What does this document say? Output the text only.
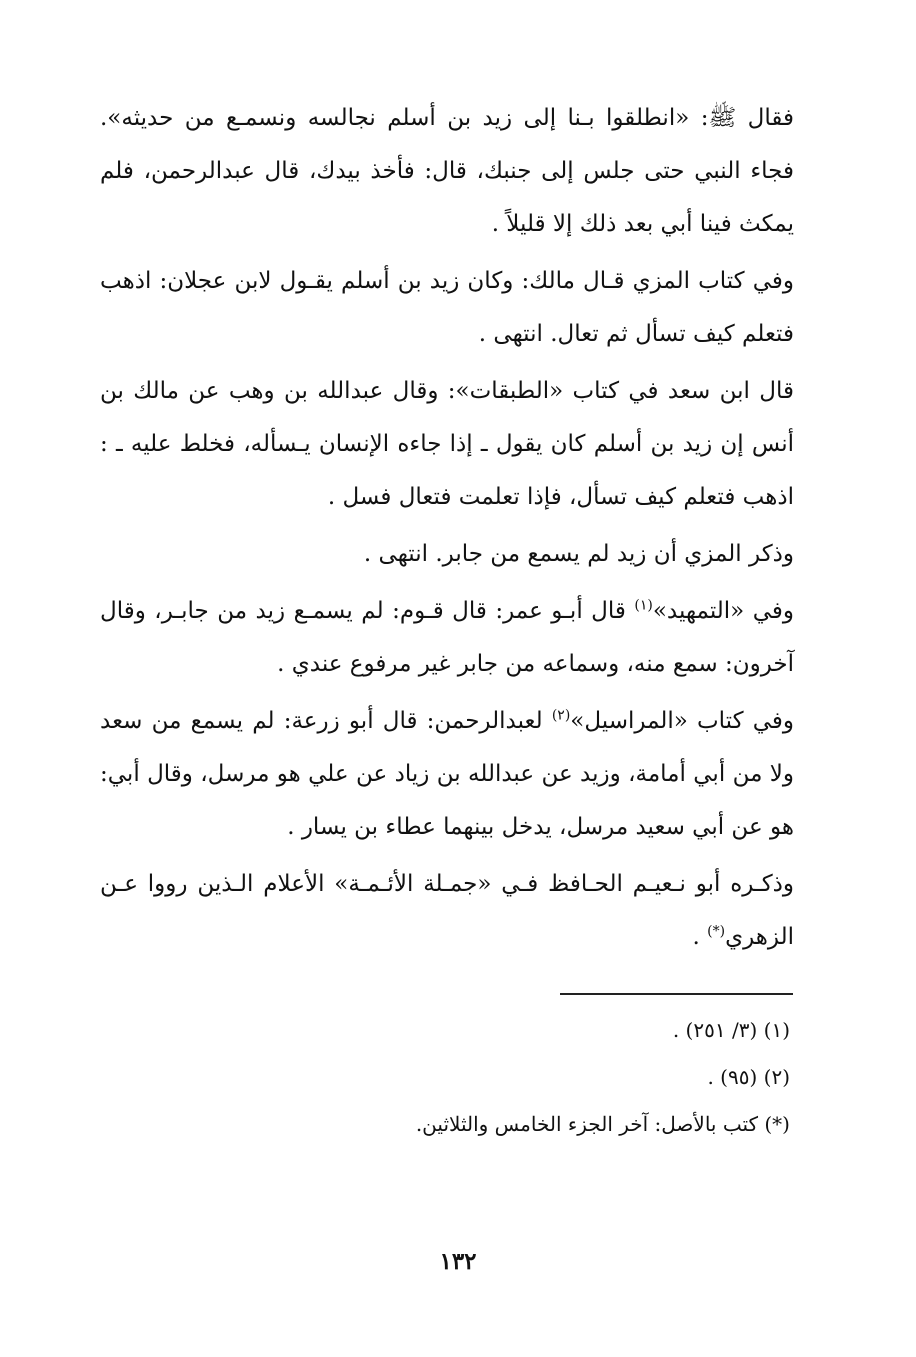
فقال ﷺ: «انطلقوا بـنا إلى زيد بن أسلم نجالسه ونسمـع من حديثه». فجاء النبي حتى جلس إلى جنبك، قال: فأخذ بيدك، قال عبدالرحمن، فلم يمكث فينا أبي بعد ذلك إلا قليلاً .

وفي كتاب المزي قـال مالك: وكان زيد بن أسلم يقـول لابن عجلان: اذهب فتعلم كيف تسأل ثم تعال. انتهى .

قال ابن سعد في كتاب «الطبقات»: وقال عبدالله بن وهب عن مالك بن أنس إن زيد بن أسلم كان يقول ـ إذا جاءه الإنسان يـسأله، فخلط عليه ـ : اذهب فتعلم كيف تسأل، فإذا تعلمت فتعال فسل .

وذكر المزي أن زيد لم يسمع من جابر. انتهى .

وفي «التمهيد»$^{(١)}$ قال أبـو عمر: قال قـوم: لم يسمـع زيد من جابـر، وقال آخرون: سمع منه، وسماعه من جابر غير مرفوع عندي .

وفي كتاب «المراسيل»$^{(٢)}$ لعبدالرحمن: قال أبو زرعة: لم يسمع من سعد ولا من أبي أمامة، وزيد عن عبدالله بن زياد عن علي هو مرسل، وقال أبي: هو عن أبي سعيد مرسل، يدخل بينهما عطاء بن يسار .

وذكـره أبو نـعيـم الحـافظ فـي «جمـلة الأئـمـة» الأعلام الـذين رووا عـن الزهري(*) .

(١) (٣/ ٢٥١) .

(٢) (٩٥) .

(*) كتب بالأصل: آخر الجزء الخامس والثلاثين.

١٣٢
